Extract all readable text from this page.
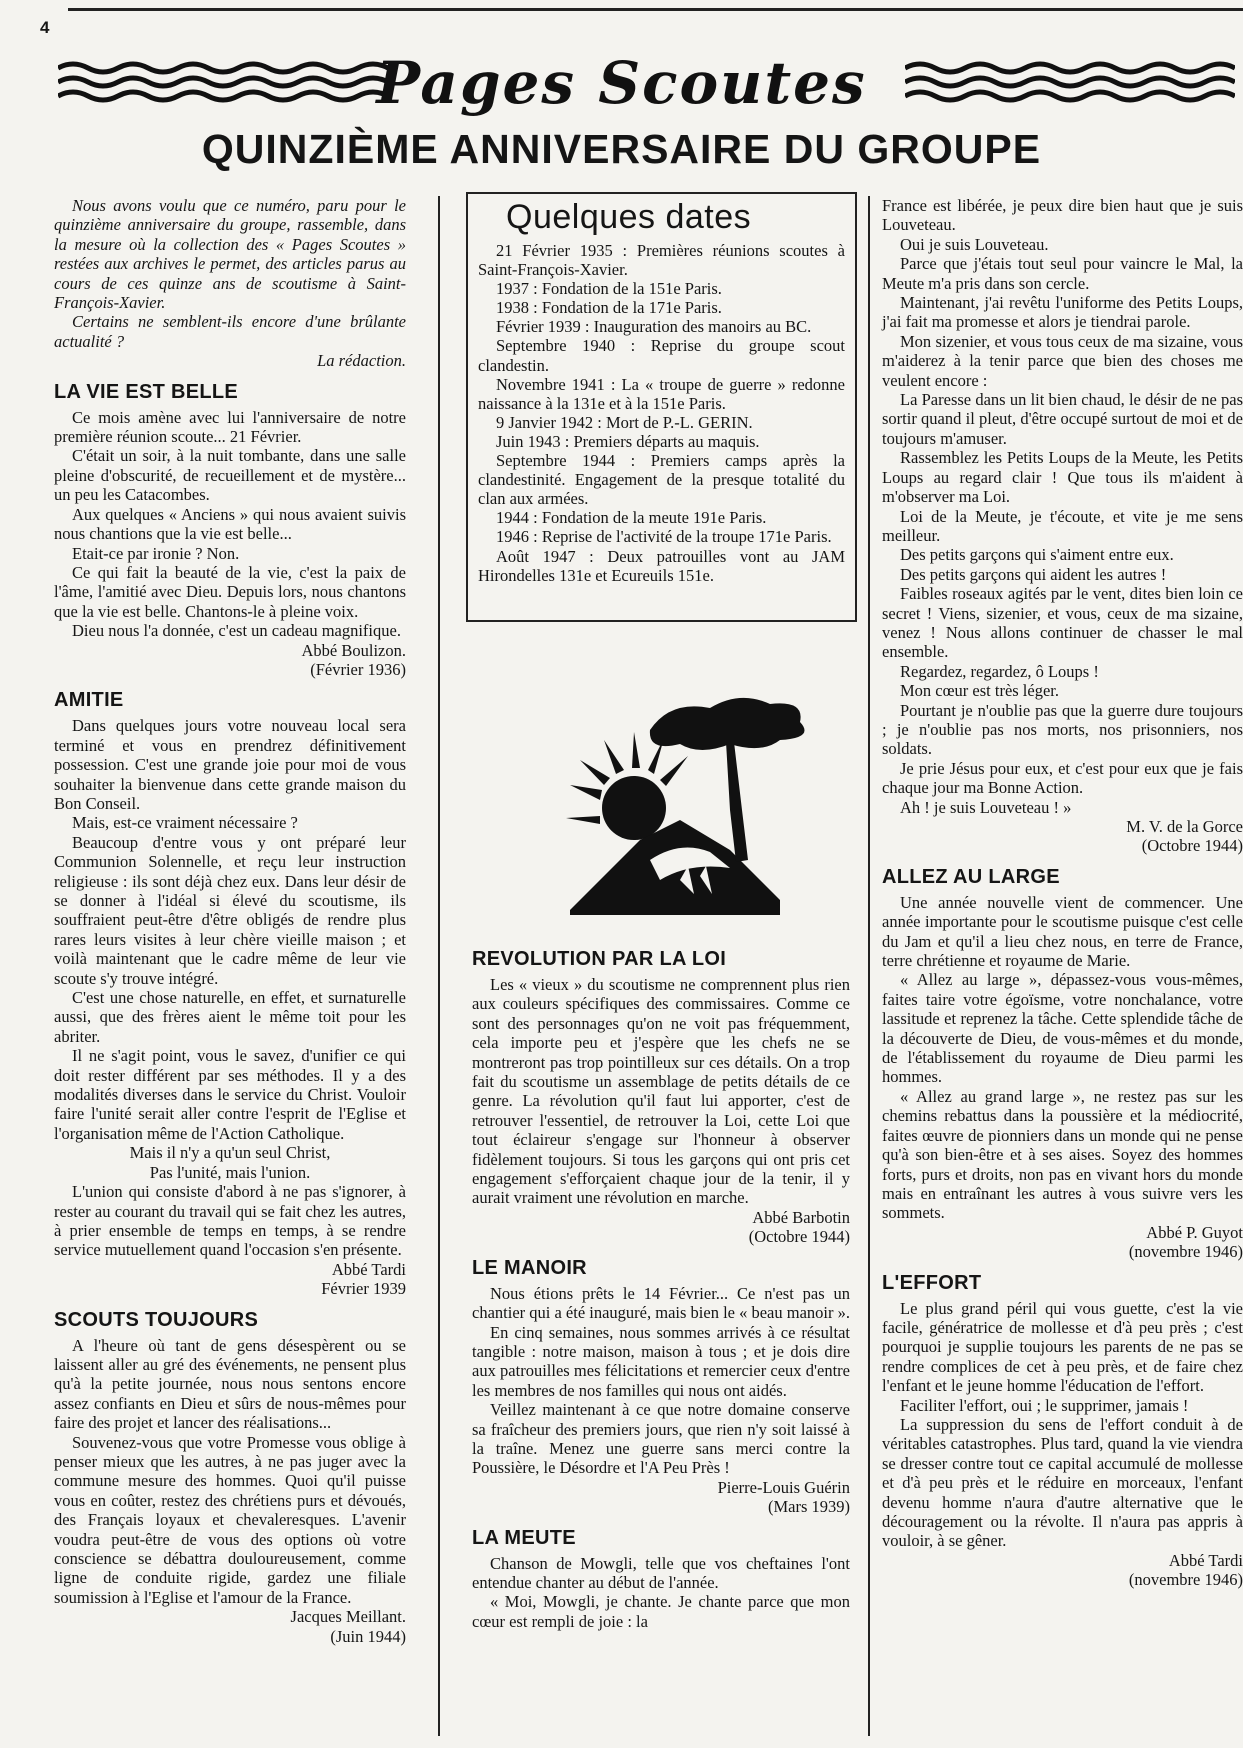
4
Pages Scoutes
QUINZIÈME ANNIVERSAIRE DU GROUPE

Nous avons voulu que ce numéro, paru pour le quinzième anniversaire du groupe, rassemble, dans la mesure où la collection des « Pages Scoutes » restées aux archives le permet, des articles parus au cours de ces quinze ans de scoutisme à Saint-François-Xavier.

Certains ne semblent-ils encore d'une brûlante actualité ?

La rédaction.

LA VIE EST BELLE

Ce mois amène avec lui l'anniversaire de notre première réunion scoute... 21 Février.

C'était un soir, à la nuit tombante, dans une salle pleine d'obscurité, de recueillement et de mystère... un peu les Catacombes.

Aux quelques « Anciens » qui nous avaient suivis nous chantions que la vie est belle...

Etait-ce par ironie ? Non.

Ce qui fait la beauté de la vie, c'est la paix de l'âme, l'amitié avec Dieu. Depuis lors, nous chantons que la vie est belle. Chantons-le à pleine voix.

Dieu nous l'a donnée, c'est un cadeau magnifique.

Abbé Boulizon.
(Février 1936)
AMITIE

Dans quelques jours votre nouveau local sera terminé et vous en prendrez définitivement possession. C'est une grande joie pour moi de vous souhaiter la bienvenue dans cette grande maison du Bon Conseil.

Mais, est-ce vraiment nécessaire ?

Beaucoup d'entre vous y ont préparé leur Communion Solennelle, et reçu leur instruction religieuse : ils sont déjà chez eux. Dans leur désir de se donner à l'idéal si élevé du scoutisme, ils souffraient peut-être d'être obligés de rendre plus rares leurs visites à leur chère vieille maison ; et voilà maintenant que le cadre même de leur vie scoute s'y trouve intégré.

C'est une chose naturelle, en effet, et surnaturelle aussi, que des frères aient le même toit pour les abriter.

Il ne s'agit point, vous le savez, d'unifier ce qui doit rester différent par ses méthodes. Il y a des modalités diverses dans le service du Christ. Vouloir faire l'unité serait aller contre l'esprit de l'Eglise et l'organisation même de l'Action Catholique.

Mais il n'y a qu'un seul Christ,
Pas l'unité, mais l'union.

L'union qui consiste d'abord à ne pas s'ignorer, à rester au courant du travail qui se fait chez les autres, à prier ensemble de temps en temps, à se rendre service mutuellement quand l'occasion s'en présente.

Abbé Tardi
Février 1939
SCOUTS TOUJOURS

A l'heure où tant de gens désespèrent ou se laissent aller au gré des événements, ne pensent plus qu'à la petite journée, nous nous sentons encore assez confiants en Dieu et sûrs de nous-mêmes pour faire des projet et lancer des réalisations...

Souvenez-vous que votre Promesse vous oblige à penser mieux que les autres, à ne pas juger avec la commune mesure des hommes. Quoi qu'il puisse vous en coûter, restez des chrétiens purs et dévoués, des Français loyaux et chevaleresques. L'avenir voudra peut-être de vous des options où votre conscience se débattra douloureusement, comme ligne de conduite rigide, gardez une filiale soumission à l'Eglise et l'amour de la France.

Jacques Meillant.
(Juin 1944)
Quelques dates

21 Février 1935 : Premières réunions scoutes à Saint-François-Xavier.

1937 : Fondation de la 151e Paris.

1938 : Fondation de la 171e Paris.

Février 1939 : Inauguration des manoirs au BC.

Septembre 1940 : Reprise du groupe scout clandestin.

Novembre 1941 : La « troupe de guerre » redonne naissance à la 131e et à la 151e Paris.

9 Janvier 1942 : Mort de P.-L. GERIN.

Juin 1943 : Premiers départs au maquis.

Septembre 1944 : Premiers camps après la clandestinité. Engagement de la presque totalité du clan aux armées.

1944 : Fondation de la meute 191e Paris.

1946 : Reprise de l'activité de la troupe 171e Paris.

Août 1947 : Deux patrouilles vont au JAM Hirondelles 131e et Ecureuils 151e.

REVOLUTION PAR LA LOI

Les « vieux » du scoutisme ne comprennent plus rien aux couleurs spécifiques des commissaires. Comme ce sont des personnages qu'on ne voit pas fréquemment, cela importe peu et j'espère que les chefs ne se montreront pas trop pointilleux sur ces détails. On a trop fait du scoutisme un assemblage de petits détails de ce genre. La révolution qu'il faut lui apporter, c'est de retrouver l'essentiel, de retrouver la Loi, cette Loi que tout éclaireur s'engage sur l'honneur à observer fidèlement toujours. Si tous les garçons qui ont pris cet engagement s'efforçaient chaque jour de la tenir, il y aurait vraiment une révolution en marche.

Abbé Barbotin
(Octobre 1944)
LE MANOIR

Nous étions prêts le 14 Février... Ce n'est pas un chantier qui a été inauguré, mais bien le « beau manoir ».

En cinq semaines, nous sommes arrivés à ce résultat tangible : notre maison, maison à tous ; et je dois dire aux patrouilles mes félicitations et remercier ceux d'entre les membres de nos familles qui nous ont aidés.

Veillez maintenant à ce que notre domaine conserve sa fraîcheur des premiers jours, que rien n'y soit laissé à la traîne. Menez une guerre sans merci contre la Poussière, le Désordre et l'A Peu Près !

Pierre-Louis Guérin
(Mars 1939)
LA MEUTE

Chanson de Mowgli, telle que vos cheftaines l'ont entendue chanter au début de l'année.

« Moi, Mowgli, je chante. Je chante parce que mon cœur est rempli de joie : la

France est libérée, je peux dire bien haut que je suis Louveteau.

Oui je suis Louveteau.

Parce que j'étais tout seul pour vaincre le Mal, la Meute m'a pris dans son cercle.

Maintenant, j'ai revêtu l'uniforme des Petits Loups, j'ai fait ma promesse et alors je tiendrai parole.

Mon sizenier, et vous tous ceux de ma sizaine, vous m'aiderez à la tenir parce que bien des choses me veulent encore :

La Paresse dans un lit bien chaud, le désir de ne pas sortir quand il pleut, d'être occupé surtout de moi et de toujours m'amuser.

Rassemblez les Petits Loups de la Meute, les Petits Loups au regard clair ! Que tous ils m'aident à m'observer ma Loi.

Loi de la Meute, je t'écoute, et vite je me sens meilleur.

Des petits garçons qui s'aiment entre eux.

Des petits garçons qui aident les autres !

Faibles roseaux agités par le vent, dites bien loin ce secret ! Viens, sizenier, et vous, ceux de ma sizaine, venez ! Nous allons continuer de chasser le mal ensemble.

Regardez, regardez, ô Loups !

Mon cœur est très léger.

Pourtant je n'oublie pas que la guerre dure toujours ; je n'oublie pas nos morts, nos prisonniers, nos soldats.

Je prie Jésus pour eux, et c'est pour eux que je fais chaque jour ma Bonne Action.

Ah ! je suis Louveteau ! »

M. V. de la Gorce
(Octobre 1944)
ALLEZ AU LARGE

Une année nouvelle vient de commencer. Une année importante pour le scoutisme puisque c'est celle du Jam et qu'il a lieu chez nous, en terre de France, terre chrétienne et royaume de Marie.

« Allez au large », dépassez-vous vous-mêmes, faites taire votre égoïsme, votre nonchalance, votre lassitude et reprenez la tâche. Cette splendide tâche de la découverte de Dieu, de vous-mêmes et du monde, de l'établissement du royaume de Dieu parmi les hommes.

« Allez au grand large », ne restez pas sur les chemins rebattus dans la poussière et la médiocrité, faites œuvre de pionniers dans un monde qui ne pense qu'à son bien-être et à ses aises. Soyez des hommes forts, purs et droits, non pas en vivant hors du monde mais en entraînant les autres à vous suivre vers les sommets.

Abbé P. Guyot
(novembre 1946)
L'EFFORT

Le plus grand péril qui vous guette, c'est la vie facile, génératrice de mollesse et d'à peu près ; c'est pourquoi je supplie toujours les parents de ne pas se rendre complices de cet à peu près, et de faire chez l'enfant et le jeune homme l'éducation de l'effort.

Faciliter l'effort, oui ; le supprimer, jamais !

La suppression du sens de l'effort conduit à de véritables catastrophes. Plus tard, quand la vie viendra se dresser contre tout ce capital accumulé de mollesse et d'à peu près et le réduire en morceaux, l'enfant devenu homme n'aura d'autre alternative que le découragement ou la révolte. Il n'aura pas appris à vouloir, à se gêner.

Abbé Tardi
(novembre 1946)
